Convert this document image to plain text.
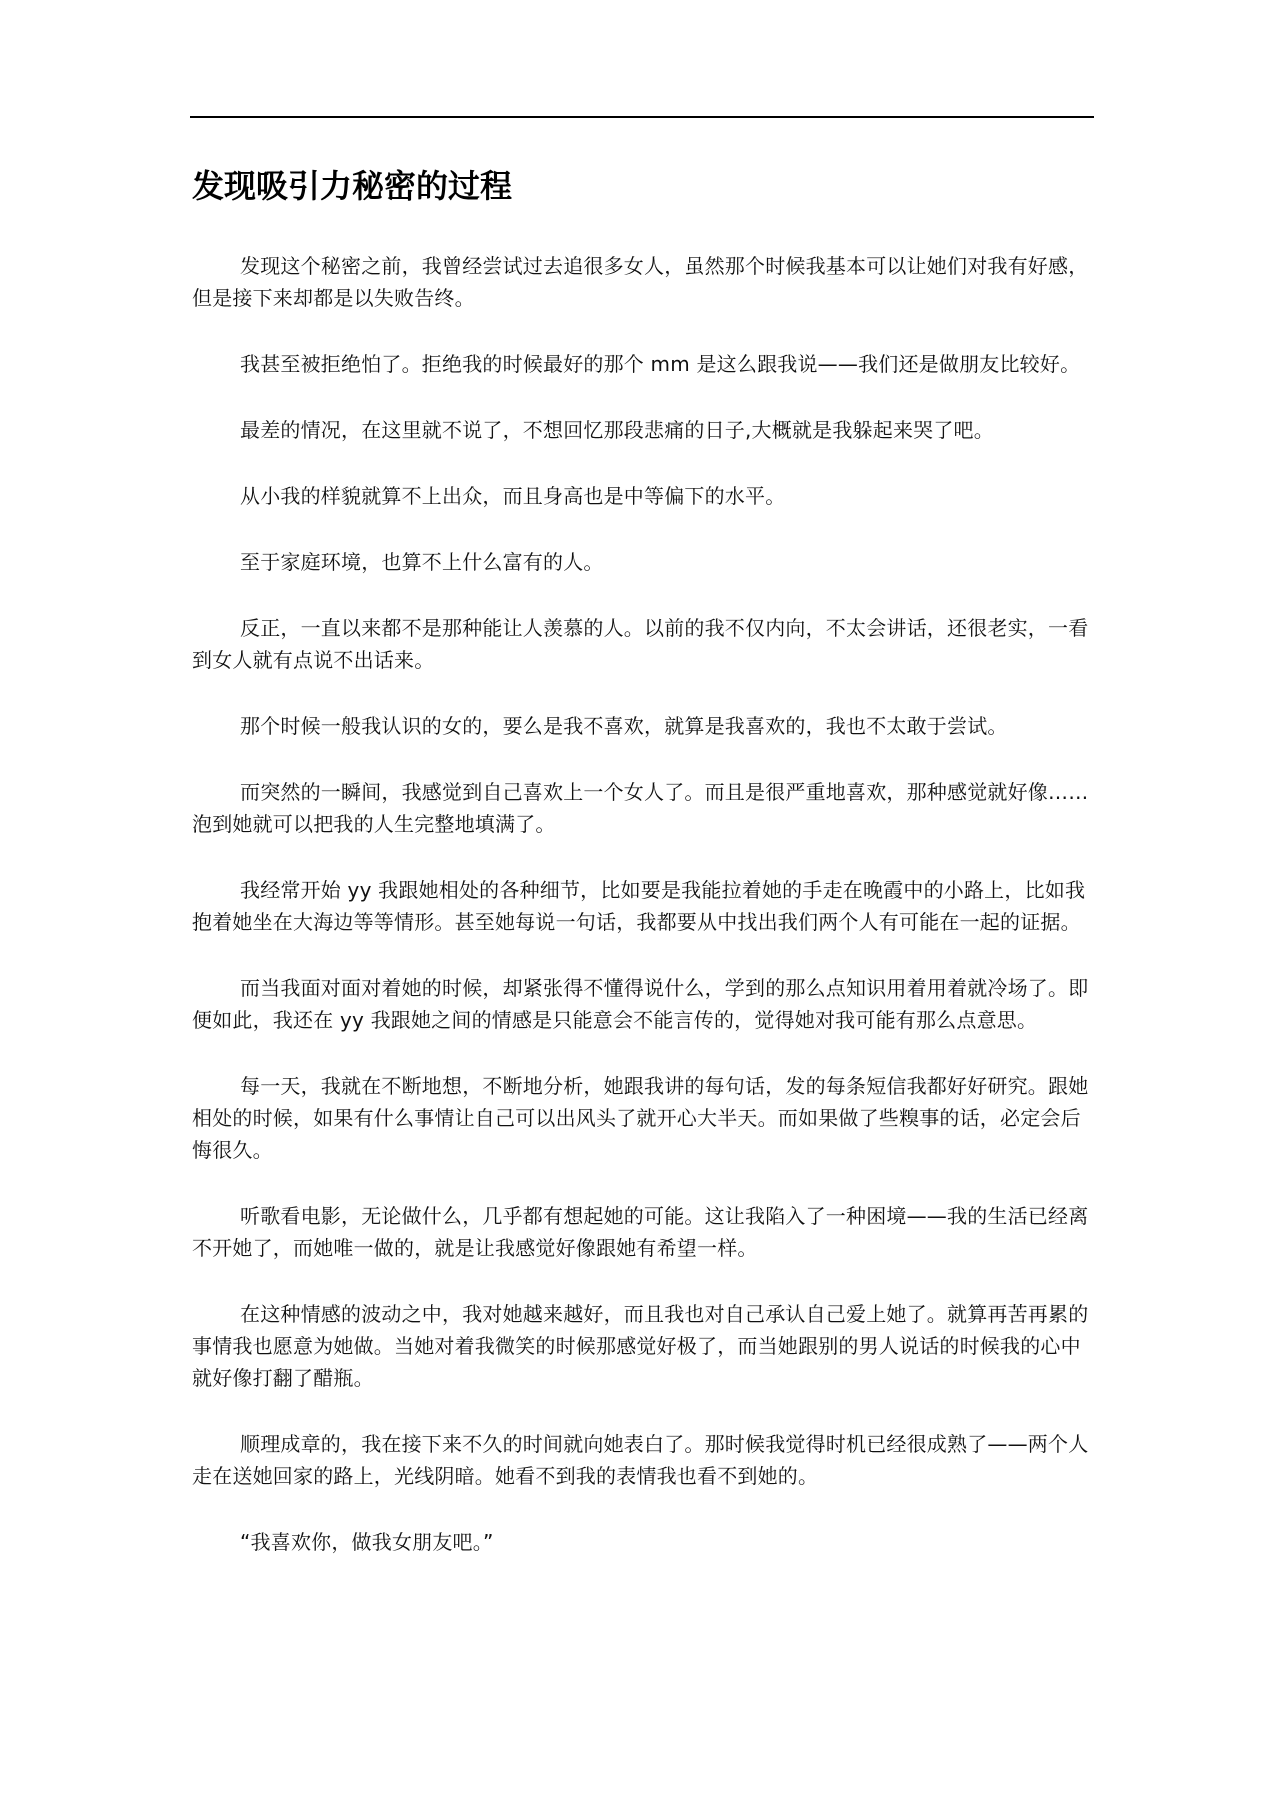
发现吸引力秘密的过程

发现这个秘密之前，我曾经尝试过去追很多女人，虽然那个时候我基本可以让她们对我有好感，但是接下来却都是以失败告终。

我甚至被拒绝怕了。拒绝我的时候最好的那个 mm 是这么跟我说——我们还是做朋友比较好。

最差的情况，在这里就不说了，不想回忆那段悲痛的日子,大概就是我躲起来哭了吧。

从小我的样貌就算不上出众，而且身高也是中等偏下的水平。

至于家庭环境，也算不上什么富有的人。

反正，一直以来都不是那种能让人羡慕的人。以前的我不仅内向，不太会讲话，还很老实，一看到女人就有点说不出话来。

那个时候一般我认识的女的，要么是我不喜欢，就算是我喜欢的，我也不太敢于尝试。

而突然的一瞬间，我感觉到自己喜欢上一个女人了。而且是很严重地喜欢，那种感觉就好像……泡到她就可以把我的人生完整地填满了。

我经常开始 yy 我跟她相处的各种细节，比如要是我能拉着她的手走在晚霞中的小路上，比如我抱着她坐在大海边等等情形。甚至她每说一句话，我都要从中找出我们两个人有可能在一起的证据。

而当我面对面对着她的时候，却紧张得不懂得说什么，学到的那么点知识用着用着就冷场了。即便如此，我还在 yy 我跟她之间的情感是只能意会不能言传的，觉得她对我可能有那么点意思。

每一天，我就在不断地想，不断地分析，她跟我讲的每句话，发的每条短信我都好好研究。跟她相处的时候，如果有什么事情让自己可以出风头了就开心大半天。而如果做了些糗事的话，必定会后悔很久。

听歌看电影，无论做什么，几乎都有想起她的可能。这让我陷入了一种困境——我的生活已经离不开她了，而她唯一做的，就是让我感觉好像跟她有希望一样。

在这种情感的波动之中，我对她越来越好，而且我也对自己承认自己爱上她了。就算再苦再累的事情我也愿意为她做。当她对着我微笑的时候那感觉好极了，而当她跟别的男人说话的时候我的心中就好像打翻了醋瓶。

顺理成章的，我在接下来不久的时间就向她表白了。那时候我觉得时机已经很成熟了——两个人走在送她回家的路上，光线阴暗。她看不到我的表情我也看不到她的。

“我喜欢你，做我女朋友吧。”
